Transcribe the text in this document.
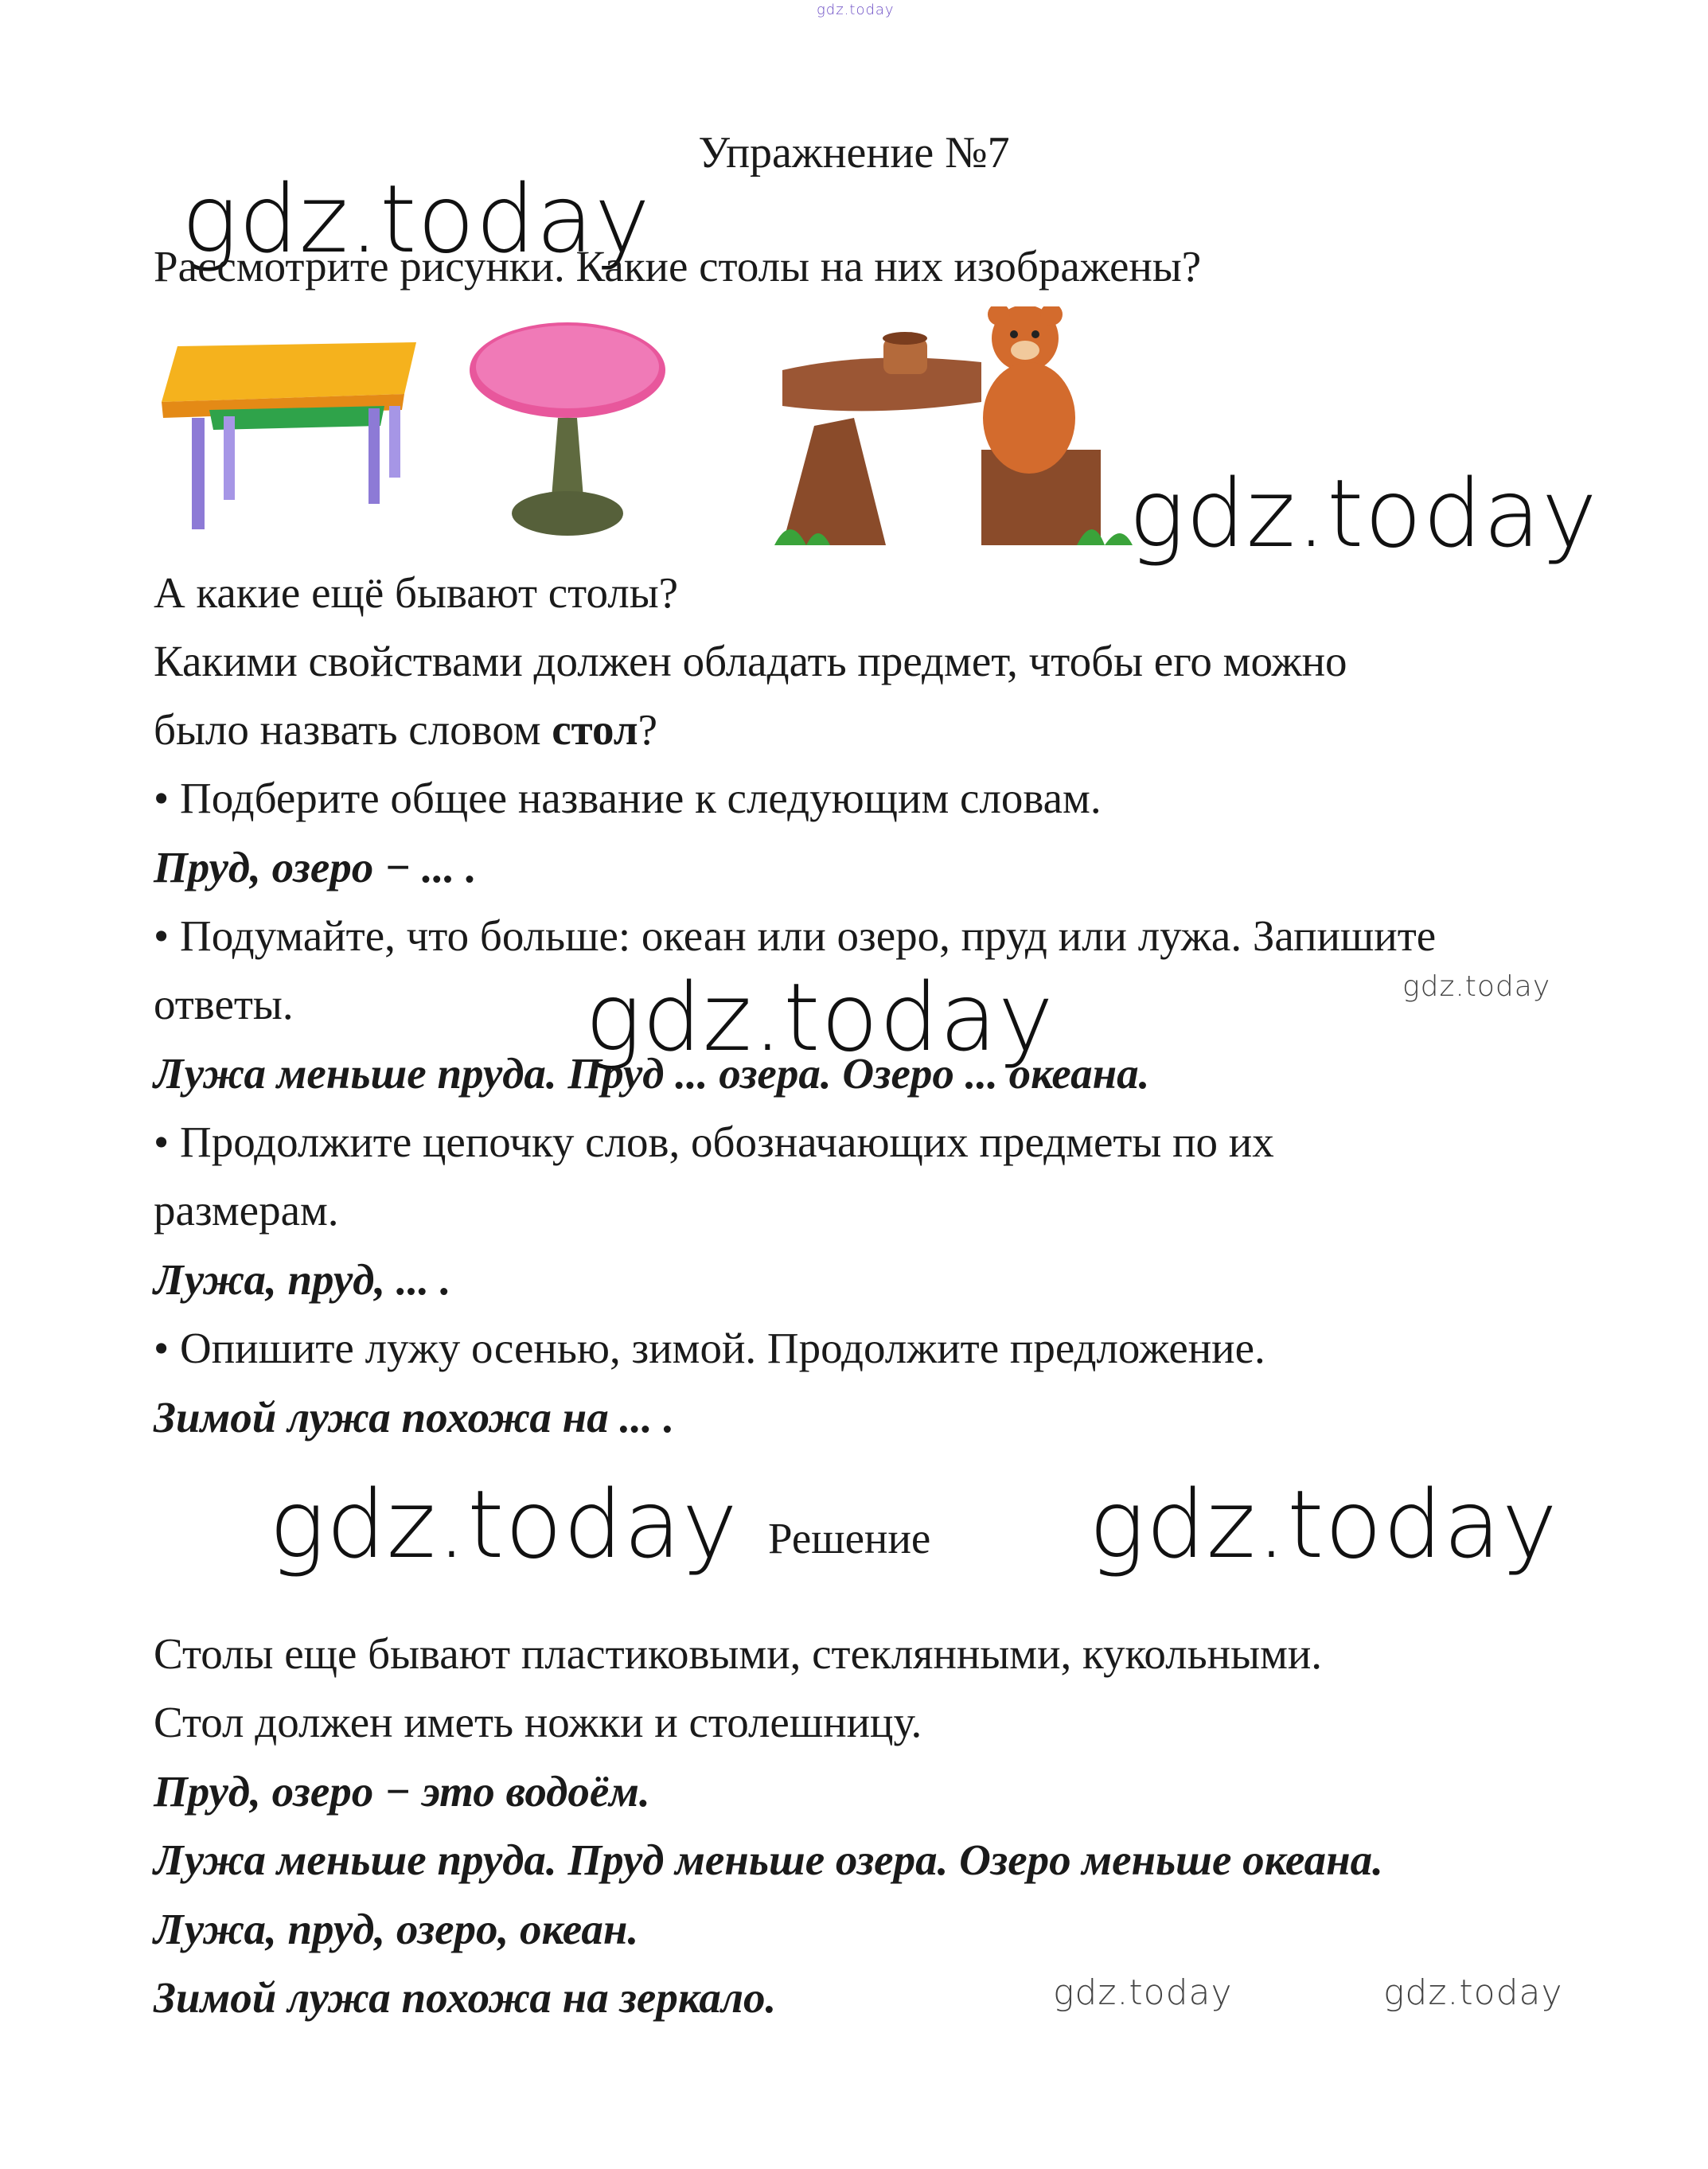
gdz.today
Упражнение №7
gdz.today
Рассмотрите рисунки. Какие столы на них изображены?
gdz.today
А какие ещё бывают столы?
Какими свойствами должен обладать предмет, чтобы его можно
было назвать словом стол?
• Подберите общее название к следующим словам.
Пруд, озеро − ... .
• Подумайте, что больше: океан или озеро, пруд или лужа. Запишите
ответы.	gdz.today	gdz.today
Лужа меньше пруда. Пруд ... озера. Озеро ... океана.
• Продолжите цепочку слов, обозначающих предметы по их
размерам.
Лужа, пруд, ... .
• Опишите лужу осенью, зимой. Продолжите предложение.
Зимой лужа похожа на ... .
gdz.today Решение gdz.today
Столы еще бывают пластиковыми, стеклянными, кукольными.
Стол должен иметь ножки и столешницу.
Пруд, озеро − это водоём.
Лужа меньше пруда. Пруд меньше озера. Озеро меньше океана.
Лужа, пруд, озеро, океан.
Зимой лужа похожа на зеркало.	gdz.today	gdz.today
